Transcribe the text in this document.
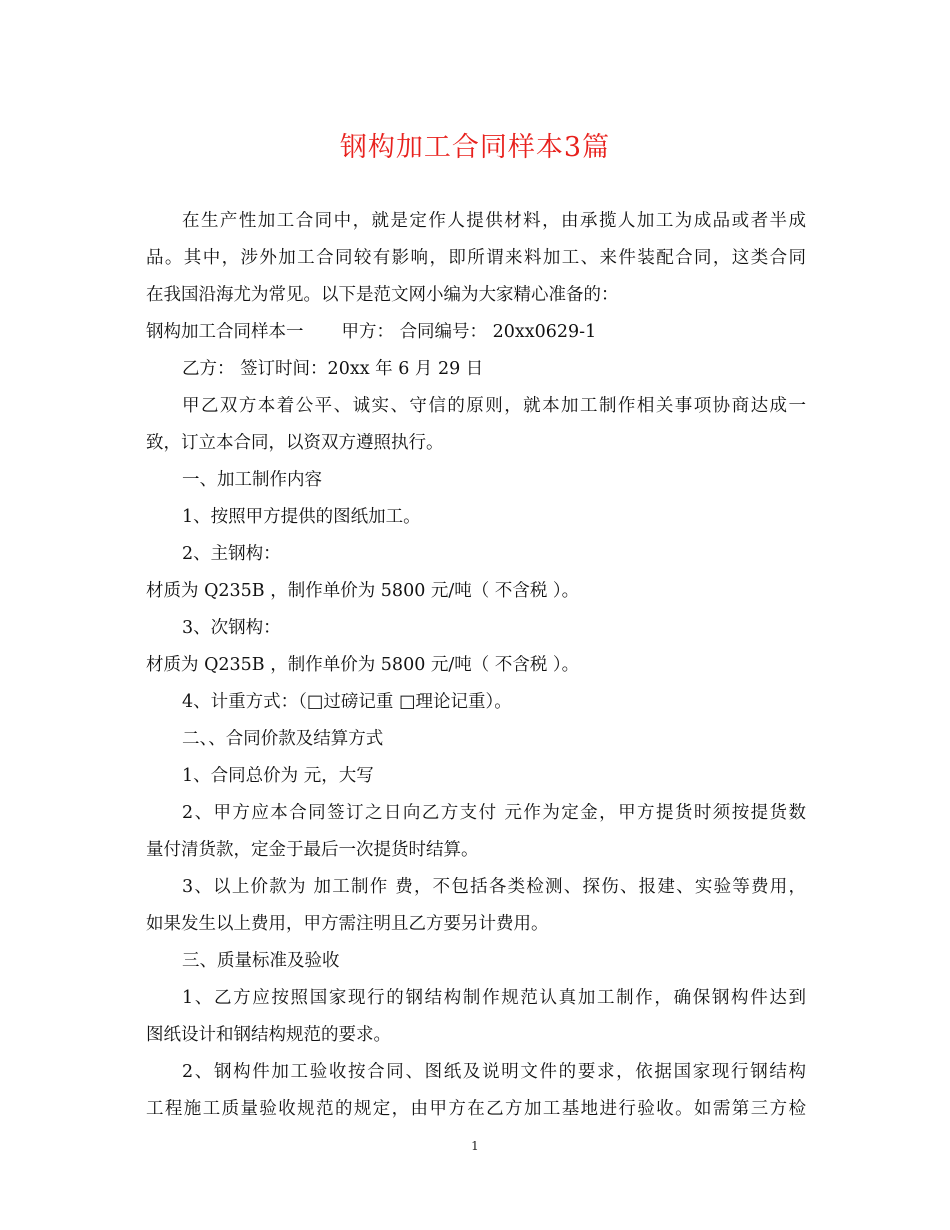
钢构加工合同样本3篇
在生产性加工合同中，就是定作人提供材料，由承揽人加工为成品或者半成
品。其中，涉外加工合同较有影响，即所谓来料加工、来件装配合同，这类合同
在我国沿海尤为常见。以下是范文网小编为大家精心准备的：
钢构加工合同样本一 甲方： 合同编号： 20xx0629-1
乙方： 签订时间：20xx 年 6 月 29 日
甲乙双方本着公平、诚实、守信的原则，就本加工制作相关事项协商达成一
致，订立本合同，以资双方遵照执行。
一、加工制作内容
1、按照甲方提供的图纸加工。
2、主钢构：
材质为 Q235B ，制作单价为 5800 元/吨（ 不含税 ）。
3、次钢构：
材质为 Q235B ，制作单价为 5800 元/吨（ 不含税 ）。
4、计重方式：（□过磅记重 □理论记重）。
二、、合同价款及结算方式
1、合同总价为 元，大写
2、甲方应本合同签订之日向乙方支付 元作为定金，甲方提货时须按提货数
量付清货款，定金于最后一次提货时结算。
3、以上价款为 加工制作 费，不包括各类检测、探伤、报建、实验等费用，
如果发生以上费用，甲方需注明且乙方要另计费用。
三、质量标准及验收
1、乙方应按照国家现行的钢结构制作规范认真加工制作，确保钢构件达到
图纸设计和钢结构规范的要求。
2、钢构件加工验收按合同、图纸及说明文件的要求，依据国家现行钢结构
工程施工质量验收规范的规定，由甲方在乙方加工基地进行验收。如需第三方检
1
